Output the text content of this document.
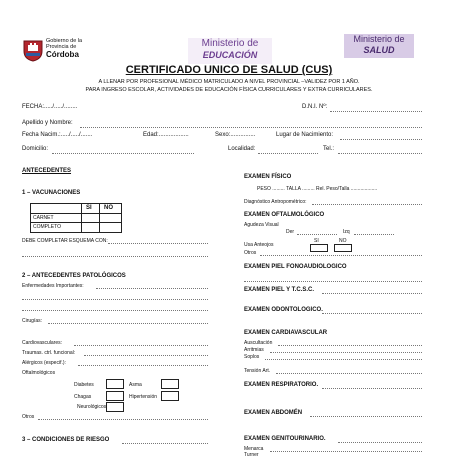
Gobierno de la
Provincia de
Córdoba
Ministerio de
EDUCACIÓN
Ministerio de
SALUD
CERTIFICADO UNICO DE SALUD (CUS)
A LLENAR POR PROFESIONAL MÉDICO MATRICULADO A NIVEL PROVINCIAL –VALIDEZ POR 1 AÑO.
PARA INGRESO ESCOLAR, ACTIVIDADES DE EDUCACIÓN FÍSICA CURRICULARES Y EXTRA CURRICULARES.
FECHA:...../...../........	D.N.I. Nº:
Apellido y Nombre:
Fecha Nacim.:...../...../.......	Edad:..................	Sexo:...............	Lugar de Nacimiento:
Domicilio:	Localidad:	Tel.:
ANTECEDENTES
1 – VACUNACIONES
SI NO
CARNET
COMPLETO
DEBE COMPLETAR ESQUEMA CON:
2 – ANTECEDENTES PATOLÓGICOS
Enfermedades Importantes:
Cirugías:
Cardiovasculares:
Traumas. ctrl. funcional:
Alérgicos (especif.):
Oftalmológicos
Diabetes	Asma
Chagas	Hipertensión
Neurológicos
Otros
3 – CONDICIONES DE RIESGO
EXAMEN FÍSICO
PESO ......... TALLA ......... Rel. Peso/Talla ...................
Diagnóstico Antropométrico:
EXAMEN OFTALMOLÓGICO
Agudeza Visual
Der	Izq
SI	NO
Usa Anteojos
Otros
EXAMEN PIEL FONOAUDIOLOGICO
EXAMEN PIEL Y T.C.S.C.
EXAMEN ODONTOLOGICO.
EXAMEN CARDIAVASCULAR
Auscultación
Arritmias
Soplos
Tensión Art.
EXAMEN RESPIRATORIO.
EXAMEN ABDOMÉN
EXAMEN GENITOURINARIO.
Menarca
Turner
